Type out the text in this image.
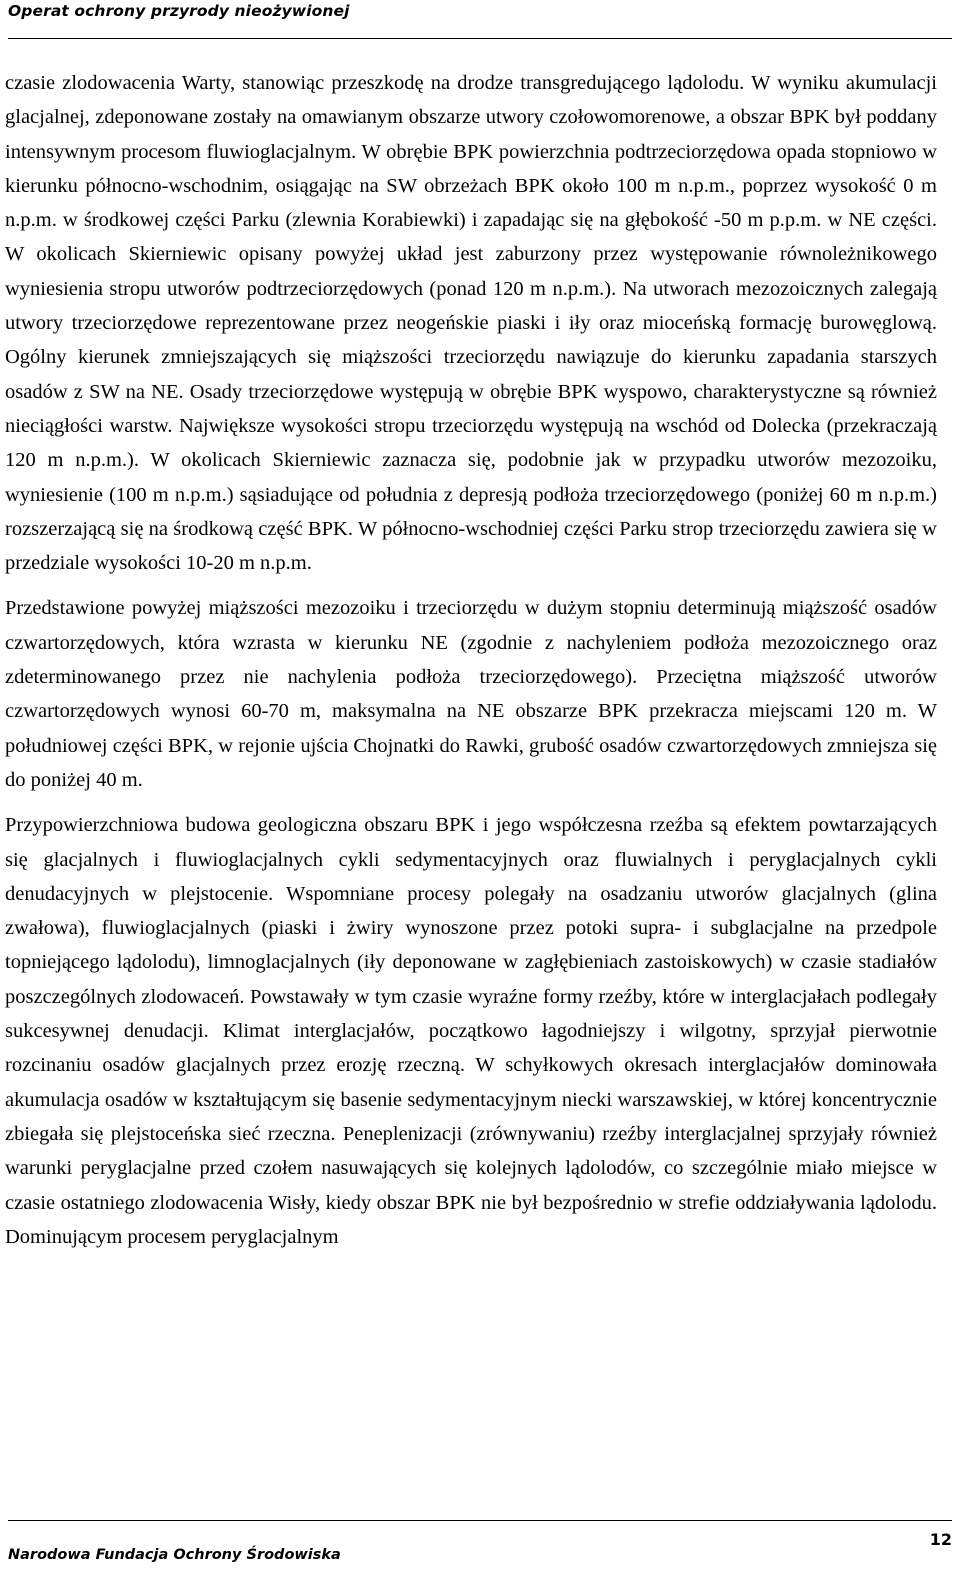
Operat ochrony przyrody nieożywionej

czasie zlodowacenia Warty, stanowiąc przeszkodę na drodze transgredującego lądolodu. W wyniku akumulacji glacjalnej, zdeponowane zostały na omawianym obszarze utwory czołowomorenowe, a obszar BPK był poddany intensywnym procesom fluwioglacjalnym. W obrębie BPK powierzchnia podtrzeciorzędowa opada stopniowo w kierunku północno-wschodnim, osiągając na SW obrzeżach BPK około 100 m n.p.m., poprzez wysokość 0 m n.p.m. w środkowej części Parku (zlewnia Korabiewki) i zapadając się na głębokość -50 m p.p.m. w NE części. W okolicach Skierniewic opisany powyżej układ jest zaburzony przez występowanie równoleżnikowego wyniesienia stropu utworów podtrzeciorzędowych (ponad 120 m n.p.m.). Na utworach mezozoicznych zalegają utwory trzeciorzędowe reprezentowane przez neogeńskie piaski i iły oraz mioceńską formację burowęglową. Ogólny kierunek zmniejszających się miąższości trzeciorzędu nawiązuje do kierunku zapadania starszych osadów z SW na NE. Osady trzeciorzędowe występują w obrębie BPK wyspowo, charakterystyczne są również nieciągłości warstw. Największe wysokości stropu trzeciorzędu występują na wschód od Dolecka (przekraczają 120 m n.p.m.). W okolicach Skierniewic zaznacza się, podobnie jak w przypadku utworów mezozoiku, wyniesienie (100 m n.p.m.) sąsiadujące od południa z depresją podłoża trzeciorzędowego (poniżej 60 m n.p.m.) rozszerzającą się na środkową część BPK. W północno-wschodniej części Parku strop trzeciorzędu zawiera się w przedziale wysokości 10-20 m n.p.m.

Przedstawione powyżej miąższości mezozoiku i trzeciorzędu w dużym stopniu determinują miąższość osadów czwartorzędowych, która wzrasta w kierunku NE (zgodnie z nachyleniem podłoża mezozoicznego oraz zdeterminowanego przez nie nachylenia podłoża trzeciorzędowego). Przeciętna miąższość utworów czwartorzędowych wynosi 60-70 m, maksymalna na NE obszarze BPK przekracza miejscami 120 m. W południowej części BPK, w rejonie ujścia Chojnatki do Rawki, grubość osadów czwartorzędowych zmniejsza się do poniżej 40 m.

Przypowierzchniowa budowa geologiczna obszaru BPK i jego współczesna rzeźba są efektem powtarzających się glacjalnych i fluwioglacjalnych cykli sedymentacyjnych oraz fluwialnych i peryglacjalnych cykli denudacyjnych w plejstocenie. Wspomniane procesy polegały na osadzaniu utworów glacjalnych (glina zwałowa), fluwioglacjalnych (piaski i żwiry wynoszone przez potoki supra- i subglacjalne na przedpole topniejącego lądolodu), limnoglacjalnych (iły deponowane w zagłębieniach zastoiskowych) w czasie stadiałów poszczególnych zlodowaceń. Powstawały w tym czasie wyraźne formy rzeźby, które w interglacjałach podlegały sukcesywnej denudacji. Klimat interglacjałów, początkowo łagodniejszy i wilgotny, sprzyjał pierwotnie rozcinaniu osadów glacjalnych przez erozję rzeczną. W schyłkowych okresach interglacjałów dominowała akumulacja osadów w kształtującym się basenie sedymentacyjnym niecki warszawskiej, w której koncentrycznie zbiegała się plejstoceńska sieć rzeczna. Peneplenizacji (zrównywaniu) rzeźby interglacjalnej sprzyjały również warunki peryglacjalne przed czołem nasuwających się kolejnych lądolodów, co szczególnie miało miejsce w czasie ostatniego zlodowacenia Wisły, kiedy obszar BPK nie był bezpośrednio w strefie oddziaływania lądolodu. Dominującym procesem peryglacjalnym

Narodowa Fundacja Ochrony Środowiska
12
